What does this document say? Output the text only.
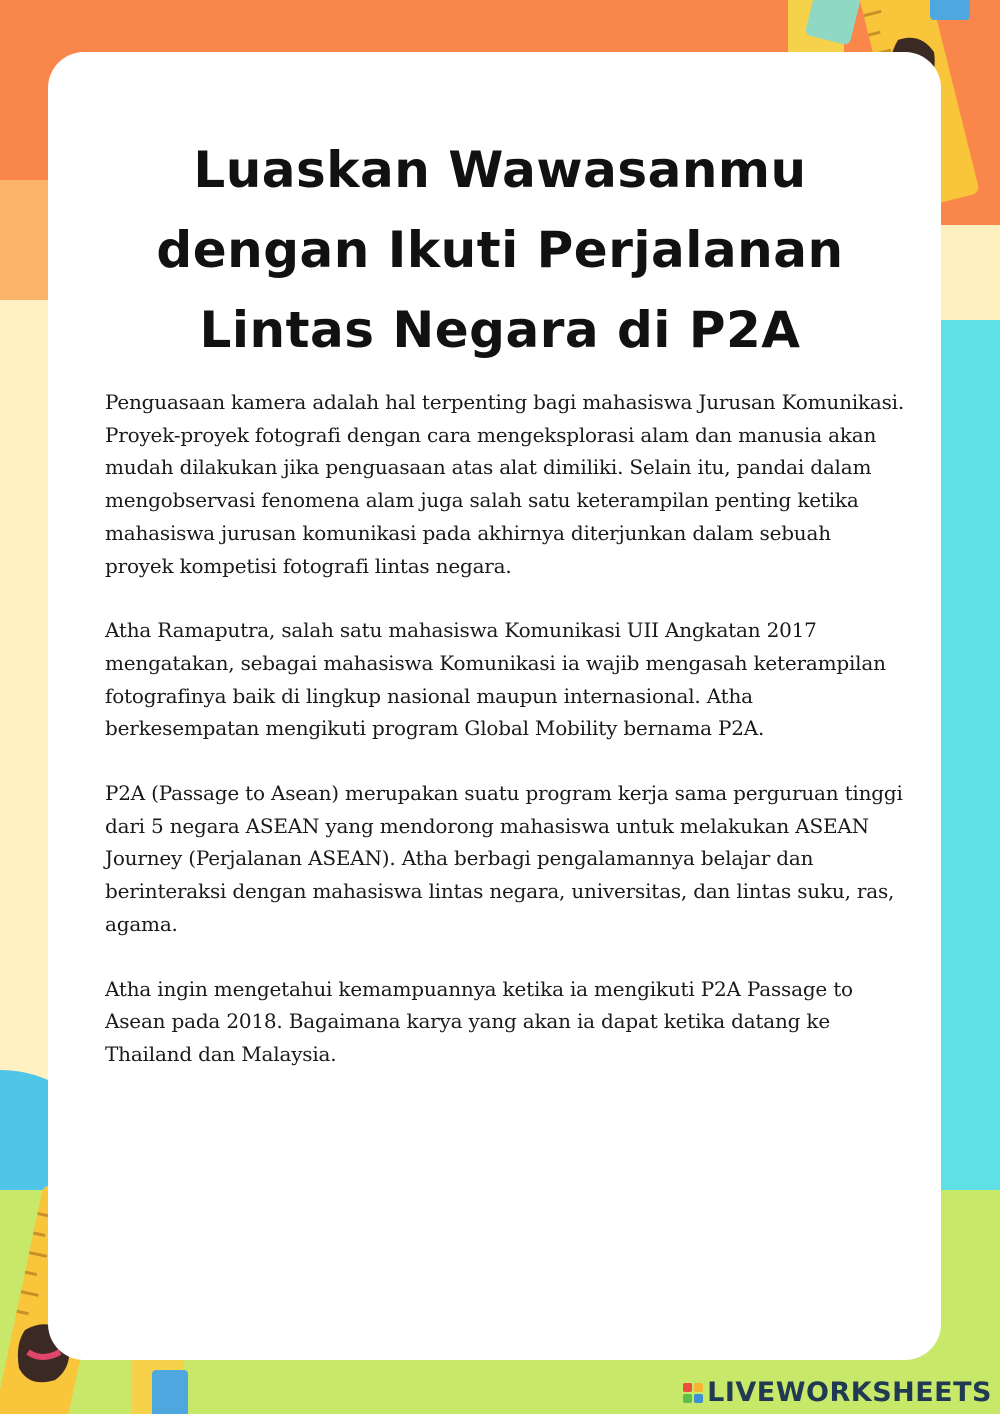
Luaskan Wawasanmu dengan Ikuti Perjalanan Lintas Negara di P2A

Penguasaan kamera adalah hal terpenting bagi mahasiswa Jurusan Komunikasi. Proyek-proyek fotografi dengan cara mengeksplorasi alam dan manusia akan mudah dilakukan jika penguasaan atas alat dimiliki. Selain itu, pandai dalam mengobservasi fenomena alam juga salah satu keterampilan penting ketika mahasiswa jurusan komunikasi pada akhirnya diterjunkan dalam sebuah proyek kompetisi fotografi lintas negara.

Atha Ramaputra, salah satu mahasiswa Komunikasi UII Angkatan 2017 mengatakan, sebagai mahasiswa Komunikasi ia wajib mengasah keterampilan fotografinya baik di lingkup nasional maupun internasional. Atha berkesempatan mengikuti program Global Mobility bernama P2A.

P2A (Passage to Asean) merupakan suatu program kerja sama perguruan tinggi dari 5 negara ASEAN yang mendorong mahasiswa untuk melakukan ASEAN Journey (Perjalanan ASEAN). Atha berbagi pengalamannya belajar dan berinteraksi dengan mahasiswa lintas negara, universitas, dan lintas suku, ras, agama.

Atha ingin mengetahui kemampuannya ketika ia mengikuti P2A Passage to Asean pada 2018. Bagaimana karya yang akan ia dapat ketika datang ke Thailand dan Malaysia.

LIVEWORKSHEETS
